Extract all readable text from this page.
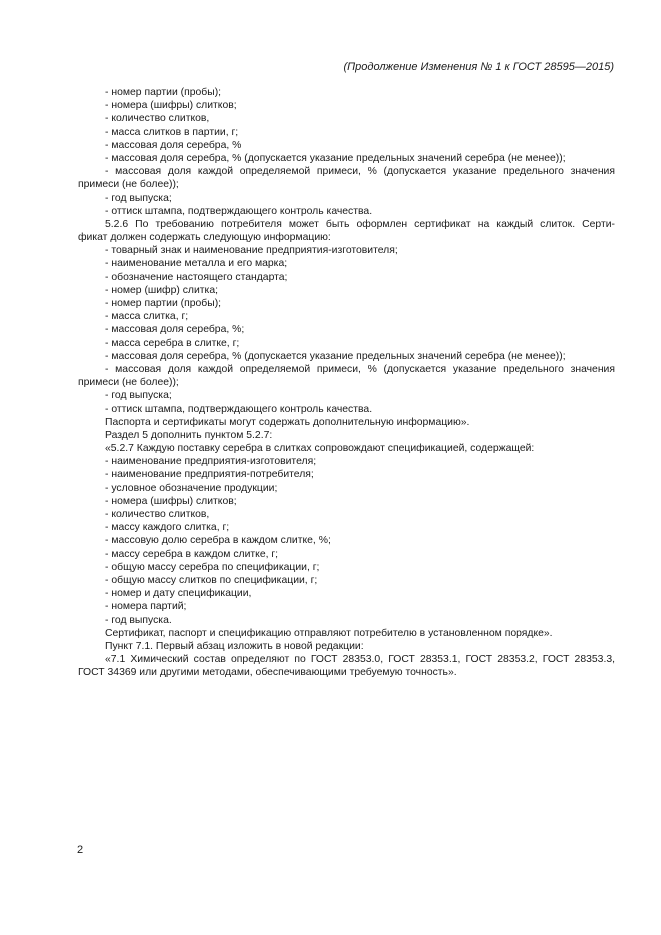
(Продолжение Изменения № 1 к ГОСТ 28595—2015)

- номер партии (пробы);

- номера (шифры) слитков;

- количество слитков,

- масса слитков в партии, г;

- массовая доля серебра, %

- массовая доля серебра, % (допускается указание предельных значений серебра (не менее));

- массовая доля каждой определяемой примеси, % (допускается указание предельного значения

примеси (не более));

- год выпуска;

- оттиск штампа, подтверждающего контроль качества.

5.2.6 По требованию потребителя может быть оформлен сертификат на каждый слиток. Серти-

фикат должен содержать следующую информацию:

- товарный знак и наименование предприятия-изготовителя;

- наименование металла и его марка;

- обозначение настоящего стандарта;

- номер (шифр) слитка;

- номер партии (пробы);

- масса слитка, г;

- массовая доля серебра, %;

- масса серебра в слитке, г;

- массовая доля серебра, % (допускается указание предельных значений серебра (не менее));

- массовая доля каждой определяемой примеси, % (допускается указание предельного значения

примеси (не более));

- год выпуска;

- оттиск штампа, подтверждающего контроль качества.

Паспорта и сертификаты могут содержать дополнительную информацию».

Раздел 5 дополнить пунктом 5.2.7:

«5.2.7 Каждую поставку серебра в слитках сопровождают спецификацией, содержащей:

- наименование предприятия-изготовителя;

- наименование предприятия-потребителя;

- условное обозначение продукции;

- номера (шифры) слитков;

- количество слитков,

- массу каждого слитка, г;

- массовую долю серебра в каждом слитке, %;

- массу серебра в каждом слитке, г;

- общую массу серебра по спецификации, г;

- общую массу слитков по спецификации, г;

- номер и дату спецификации,

- номера партий;

- год выпуска.

Сертификат, паспорт и спецификацию отправляют потребителю в установленном порядке».

Пункт 7.1. Первый абзац изложить в новой редакции:

«7.1 Химический состав определяют по ГОСТ 28353.0, ГОСТ 28353.1, ГОСТ 28353.2, ГОСТ 28353.3,

ГОСТ 34369 или другими методами, обеспечивающими требуемую точность».

2
